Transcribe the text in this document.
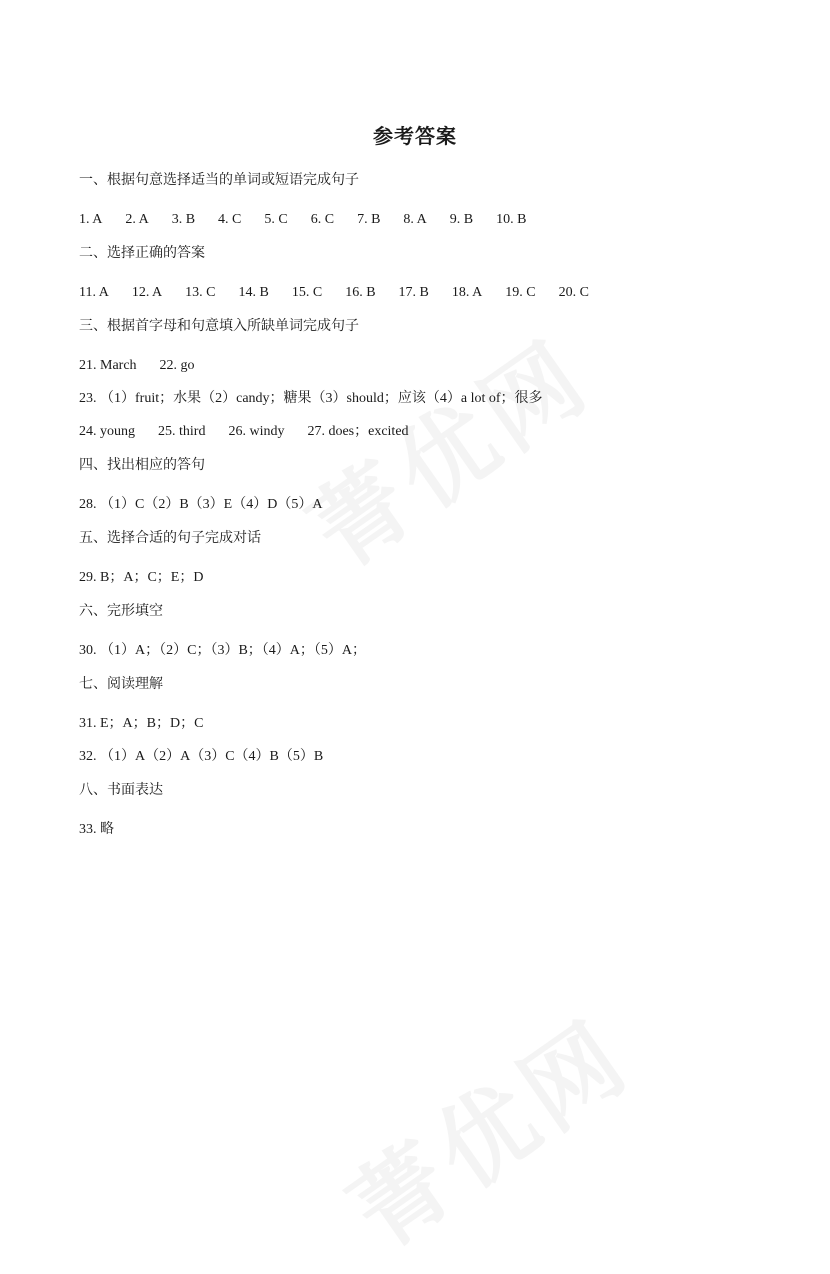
参考答案
一、根据句意选择适当的单词或短语完成句子
1. A 2. A 3. B 4. C 5. C 6. C 7. B 8. A 9. B 10. B
二、选择正确的答案
11. A 12. A 13. C 14. B 15. C 16. B 17. B 18. A 19. C 20. C
三、根据首字母和句意填入所缺单词完成句子
21. March 22. go
23. （1）fruit；水果（2）candy；糖果（3）should；应该（4）a lot of；很多
24. young 25. third 26. windy 27. does；excited
四、找出相应的答句
28. （1）C（2）B（3）E（4）D（5）A
五、选择合适的句子完成对话
29. B；A；C；E；D
六、完形填空
30. （1）A；（2）C；（3）B；（4）A；（5）A；
七、阅读理解
31. E；A；B；D；C
32. （1）A（2）A（3）C（4）B（5）B
八、书面表达
33. 略
